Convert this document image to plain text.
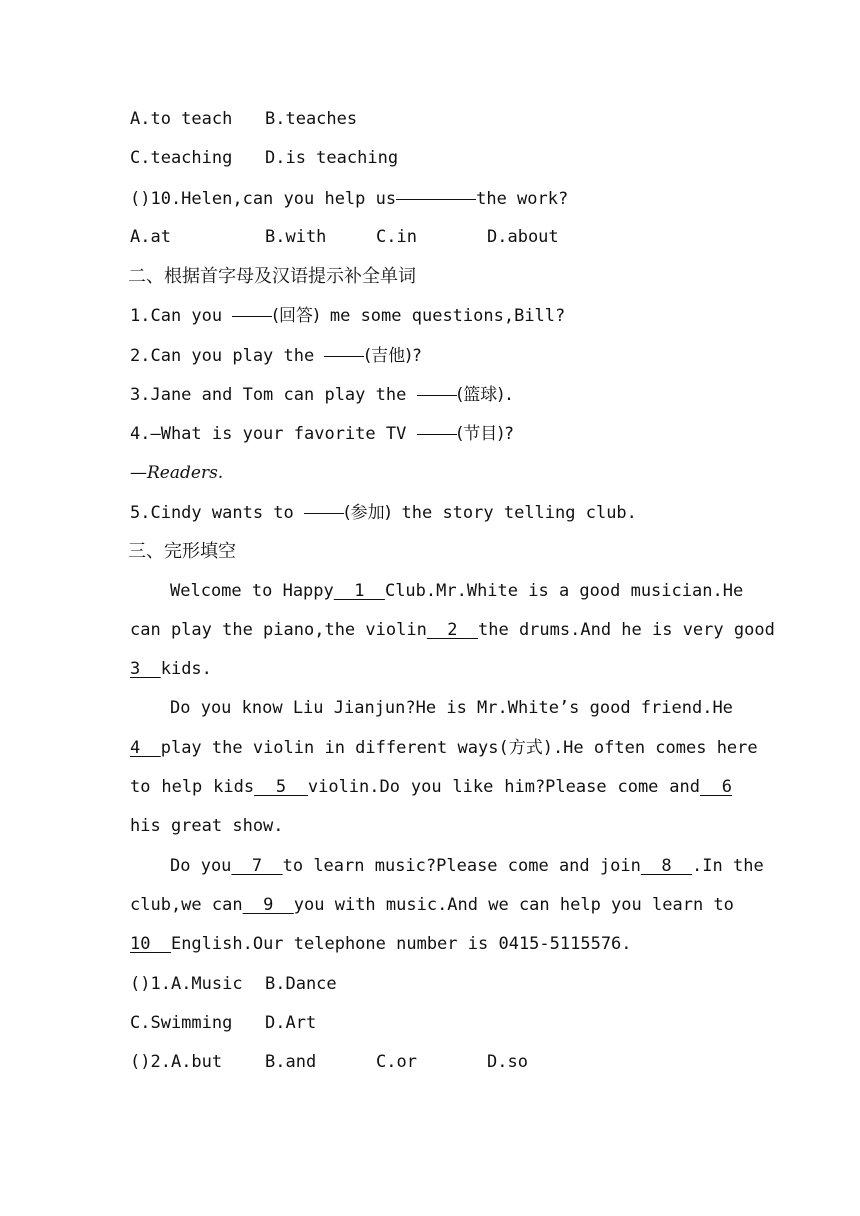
A.to teach B.teaches
C.teaching D.is teaching
()10.Helen,can you help us	the work?
A.at	B.with	C.in	D.about
二、根据首字母及汉语提示补全单词
1.Can you (回答) me some questions,Bill?
2.Can you play the (吉他)?
3.Jane and Tom can play the (篮球).
4.—What is your favorite TV (节目)?
—Readers.
5.Cindy wants to (参加) the story telling club.
三、完形填空
Welcome to Happy  1  Club.Mr.White is a good musician.He
can play the piano,the violin  2  the drums.And he is very good
3  kids.
Do you know Liu Jianjun?He is Mr.White’s good friend.He
4  play the violin in different ways(方式).He often comes here
to help kids  5  violin.Do you like him?Please come and  6
his great show.
Do you  7  to learn music?Please come and join  8  .In the
club,we can  9  you with music.And we can help you learn to
10  English.Our telephone number is 0415-5115576.
()1.A.Music B.Dance
C.Swimming D.Art
()2.A.but	B.and	C.or	D.so
